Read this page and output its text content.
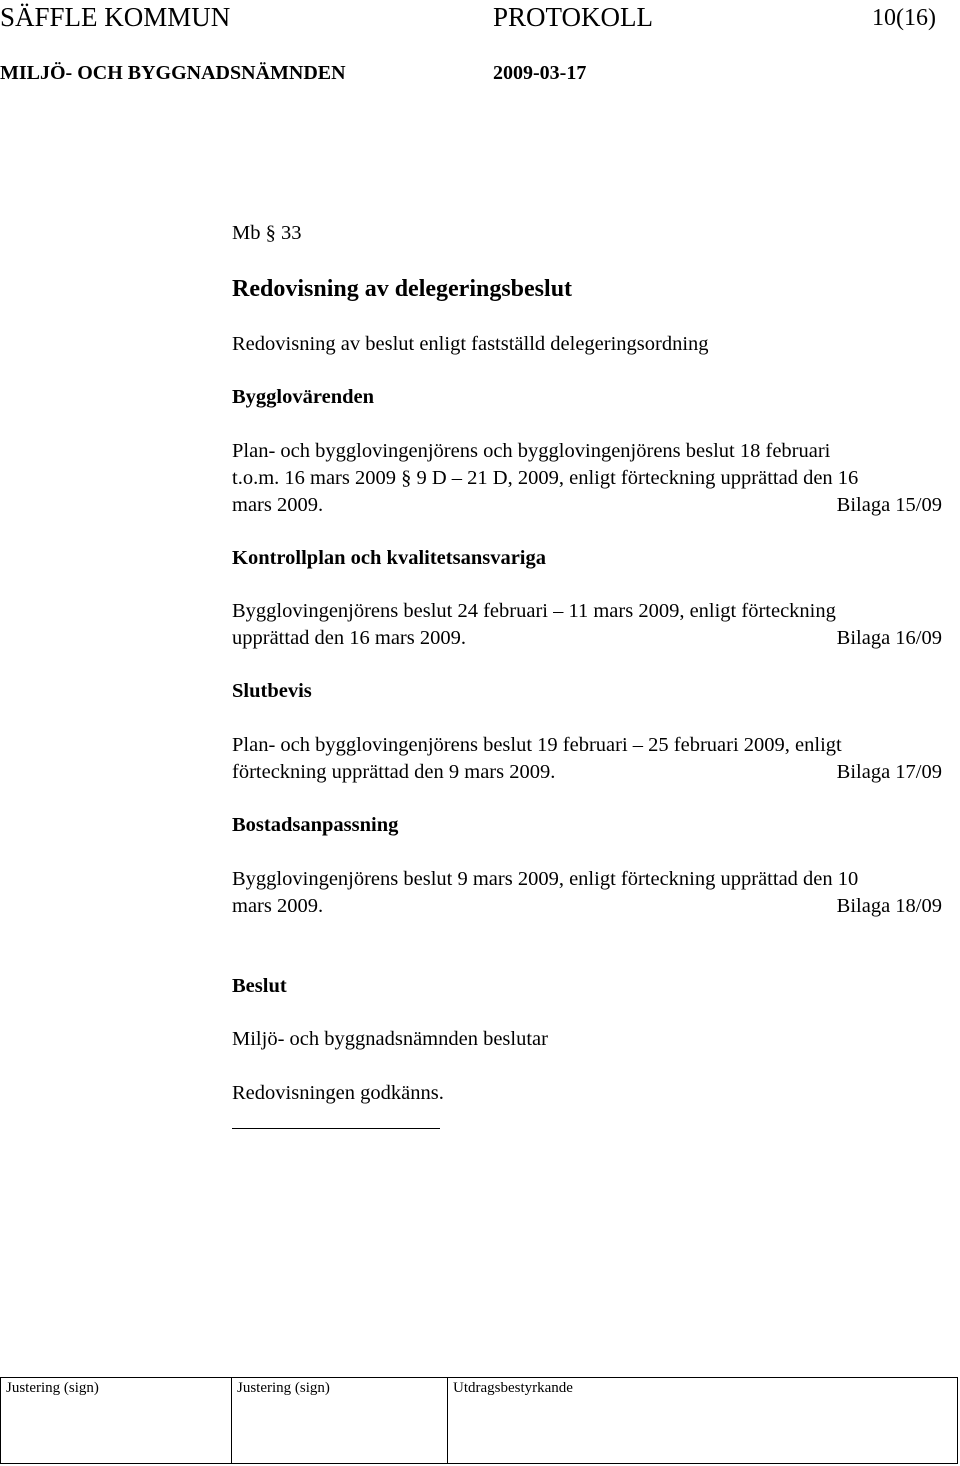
SÄFFLE KOMMUN	PROTOKOLL	10(16)
MILJÖ- OCH BYGGNADSNÄMNDEN	2009-03-17
Mb § 33
Redovisning av delegeringsbeslut
Redovisning av beslut enligt fastställd delegeringsordning
Bygglovärenden
Plan- och bygglovingenjörens och bygglovingenjörens beslut 18 februari
t.o.m. 16 mars 2009 § 9 D – 21 D, 2009, enligt förteckning upprättad den 16
mars 2009.	Bilaga 15/09
Kontrollplan och kvalitetsansvariga
Bygglovingenjörens beslut 24 februari – 11 mars 2009, enligt förteckning
upprättad den 16 mars 2009.	Bilaga 16/09
Slutbevis
Plan- och bygglovingenjörens beslut 19 februari – 25 februari 2009, enligt
förteckning upprättad den 9 mars 2009.	Bilaga 17/09
Bostadsanpassning
Bygglovingenjörens beslut 9 mars 2009, enligt förteckning upprättad den 10
mars 2009.	Bilaga 18/09
Beslut
Miljö- och byggnadsnämnden beslutar
Redovisningen godkänns.
Justering (sign)	Justering (sign)	Utdragsbestyrkande
